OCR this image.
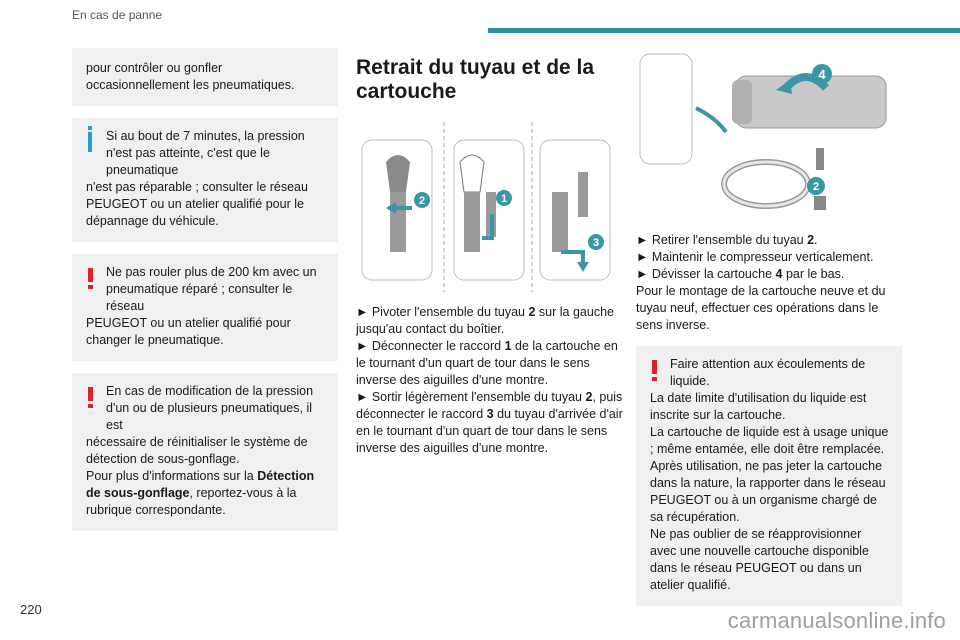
En cas de panne

pour contrôler ou gonfler occasionnellement les pneumatiques.

Si au bout de 7 minutes, la pression n'est pas atteinte, c'est que le pneumatique

n'est pas réparable ; consulter le réseau PEUGEOT ou un atelier qualifié pour le dépannage du véhicule.

Ne pas rouler plus de 200 km avec un pneumatique réparé ; consulter le réseau

PEUGEOT ou un atelier qualifié pour changer le pneumatique.

En cas de modification de la pression d'un ou de plusieurs pneumatiques, il est

nécessaire de réinitialiser le système de détection de sous-gonflage.

Pour plus d'informations sur la Détection de sous-gonflage, reportez-vous à la rubrique correspondante.

Retrait du tuyau et de la cartouche
2	1
3

► Pivoter l'ensemble du tuyau 2 sur la gauche jusqu'au contact du boîtier.

► Déconnecter le raccord 1 de la cartouche en le tournant d'un quart de tour dans le sens inverse des aiguilles d'une montre.

► Sortir légèrement l'ensemble du tuyau 2, puis déconnecter le raccord 3 du tuyau d'arrivée d'air en le tournant d'un quart de tour dans le sens inverse des aiguilles d'une montre.

4
2

► Retirer l'ensemble du tuyau 2.

► Maintenir le compresseur verticalement.

► Dévisser la cartouche 4 par le bas.

Pour le montage de la cartouche neuve et du tuyau neuf, effectuer ces opérations dans le sens inverse.

Faire attention aux écoulements de liquide.

La date limite d'utilisation du liquide est inscrite sur la cartouche.

La cartouche de liquide est à usage unique ; même entamée, elle doit être remplacée.

Après utilisation, ne pas jeter la cartouche dans la nature, la rapporter dans le réseau PEUGEOT ou à un organisme chargé de sa récupération.

Ne pas oublier de se réapprovisionner avec une nouvelle cartouche disponible dans le réseau PEUGEOT ou dans un atelier qualifié.

220	carmanualsonline.info
